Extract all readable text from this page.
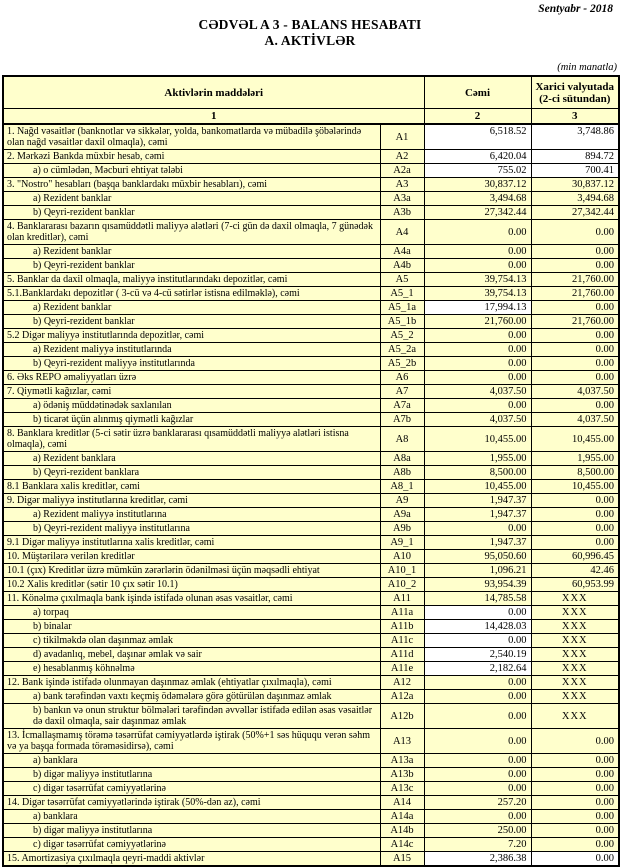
Sentyabr - 2018
CƏDVƏL A 3 - BALANS HESABATI
A. AKTİVLƏR
(min manatla)
Aktivlərin maddələri		Cəmi	Xarici valyutada
(2-ci sütundan)
1		2	3
1. Nağd vəsaitlər (banknotlar və sikkələr, yolda, bankomatlarda və mübadilə şöbələrində olan nağd vəsaitlər daxil olmaqla), cəmi	A1	6,518.52	3,748.86
2. Mərkəzi Bankda müxbir hesab, cəmi	A2	6,420.04	894.72
a) o cümlədən, Məcburi ehtiyat tələbi	A2a	755.02	700.41
3. "Nostro" hesabları (başqa banklardakı müxbir hesabları), cəmi	A3	30,837.12	30,837.12
a) Rezident banklar	A3a	3,494.68	3,494.68
b) Qeyri-rezident banklar	A3b	27,342.44	27,342.44
4. Banklararası bazarın qısamüddətli maliyyə alətləri (7-ci gün də daxil olmaqla, 7 günədək olan kreditlər), cəmi	A4	0.00	0.00
a) Rezident banklar	A4a	0.00	0.00
b) Qeyri-rezident banklar	A4b	0.00	0.00
5. Banklar da daxil olmaqla, maliyyə institutlarındakı depozitlər, cəmi	A5	39,754.13	21,760.00
5.1.Banklardakı depozitlər ( 3-cü və 4-cü sətirlər istisna edilməklə), cəmi	A5_1	39,754.13	21,760.00
a) Rezident banklar	A5_1a	17,994.13	0.00
b) Qeyri-rezident banklar	A5_1b	21,760.00	21,760.00
5.2 Digər maliyyə institutlarında depozitlər, cəmi	A5_2	0.00	0.00
a) Rezident maliyyə institutlarında	A5_2a	0.00	0.00
b) Qeyri-rezident maliyyə institutlarında	A5_2b	0.00	0.00
6. Əks REPO əməliyyatları üzrə	A6	0.00	0.00
7. Qiymətli kağızlar, cəmi	A7	4,037.50	4,037.50
a) ödəniş müddətinədək saxlanılan	A7a	0.00	0.00
b) ticarət üçün alınmış qiymətli kağızlar	A7b	4,037.50	4,037.50
8. Banklara kreditlər (5-ci sətir üzrə banklararası qısamüddətli maliyyə alətləri istisna olmaqla), cəmi	A8	10,455.00	10,455.00
a) Rezident banklara	A8a	1,955.00	1,955.00
b) Qeyri-rezident banklara	A8b	8,500.00	8,500.00
8.1 Banklara xalis kreditlər, cəmi	A8_1	10,455.00	10,455.00
9. Digər maliyyə institutlarına kreditlər, cəmi	A9	1,947.37	0.00
a) Rezident maliyyə institutlarına	A9a	1,947.37	0.00
b) Qeyri-rezident maliyyə institutlarına	A9b	0.00	0.00
9.1 Digər maliyyə institutlarına xalis kreditlər, cəmi	A9_1	1,947.37	0.00
10. Müştərilərə verilən kreditlər	A10	95,050.60	60,996.45
10.1 (çıx) Kreditlər üzrə mümkün zərərlərin ödənilməsi üçün məqsədli ehtiyat	A10_1	1,096.21	42.46
10.2 Xalis kreditlər (sətir 10 çıx sətir 10.1)	A10_2	93,954.39	60,953.99
11. Könəlmə çıxılmaqla bank işində istifadə olunan əsas vəsaitlər, cəmi	A11	14,785.58	XXX
a) torpaq	A11a	0.00	XXX
b) binalar	A11b	14,428.03	XXX
c) tikilməkdə olan daşınmaz əmlak	A11c	0.00	XXX
d) avadanlıq, mebel, daşınar əmlak və sair	A11d	2,540.19	XXX
e) hesablanmış köhnəlmə	A11e	2,182.64	XXX
12. Bank işində istifadə olunmayan daşınmaz əmlak (ehtiyatlar çıxılmaqla), cəmi	A12	0.00	XXX
a) bank tərəfindən vaxtı keçmiş ödəmələrə görə götürülən daşınmaz əmlak	A12a	0.00	XXX
b) bankın və onun struktur bölmələri tərəfindən əvvəllər istifadə edilən əsas vəsaitlər də daxil olmaqla, sair daşınmaz əmlak	A12b	0.00	XXX
13. İcmallaşmamış törəmə təsərrüfat cəmiyyətlərdə iştirak (50%+1 səs hüququ verən səhm və ya başqa formada törəməsidirsə), cəmi	A13	0.00	0.00
a) banklara	A13a	0.00	0.00
b) digər maliyyə institutlarına	A13b	0.00	0.00
c) digər təsərrüfat cəmiyyətlərinə	A13c	0.00	0.00
14. Digər təsərrüfat cəmiyyətlərində iştirak (50%-dən az), cəmi	A14	257.20	0.00
a) banklara	A14a	0.00	0.00
b) digər maliyyə institutlarına	A14b	250.00	0.00
c) digər təsərrüfat cəmiyyətlərinə	A14c	7.20	0.00
15. Amortizasiya çıxılmaqla qeyri-maddi aktivlər	A15	2,386.38	0.00
